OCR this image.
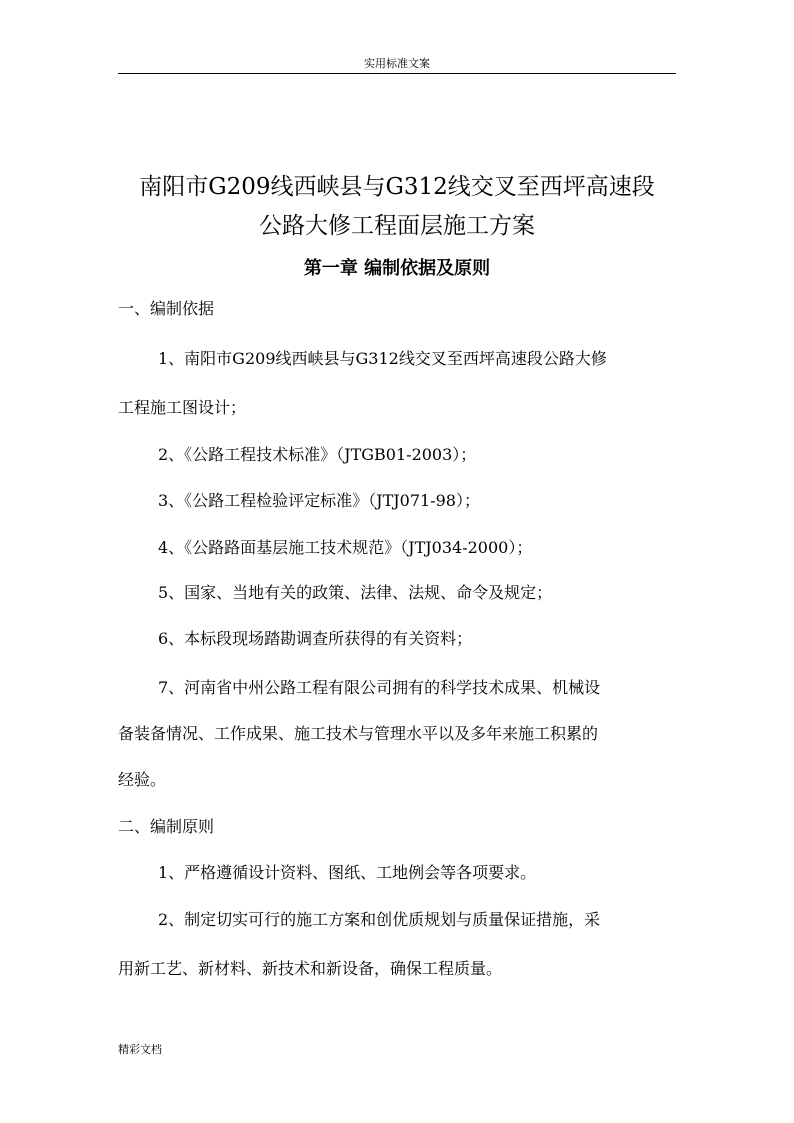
实用标准文案
南阳市G209线西峡县与G312线交叉至西坪高速段
公路大修工程面层施工方案
第一章 编制依据及原则
一、编制依据
1、南阳市G209线西峡县与G312线交叉至西坪高速段公路大修
工程施工图设计；
2、《公路工程技术标准》（JTGB01-2003）；
3、《公路工程检验评定标准》（JTJ071-98）；
4、《公路路面基层施工技术规范》（JTJ034-2000）；
5、国家、当地有关的政策、法律、法规、命令及规定；
6、本标段现场踏勘调查所获得的有关资料；
7、河南省中州公路工程有限公司拥有的科学技术成果、机械设
备装备情况、工作成果、施工技术与管理水平以及多年来施工积累的
经验。
二、编制原则
1、严格遵循设计资料、图纸、工地例会等各项要求。
2、制定切实可行的施工方案和创优质规划与质量保证措施，采
用新工艺、新材料、新技术和新设备，确保工程质量。
精彩文档
